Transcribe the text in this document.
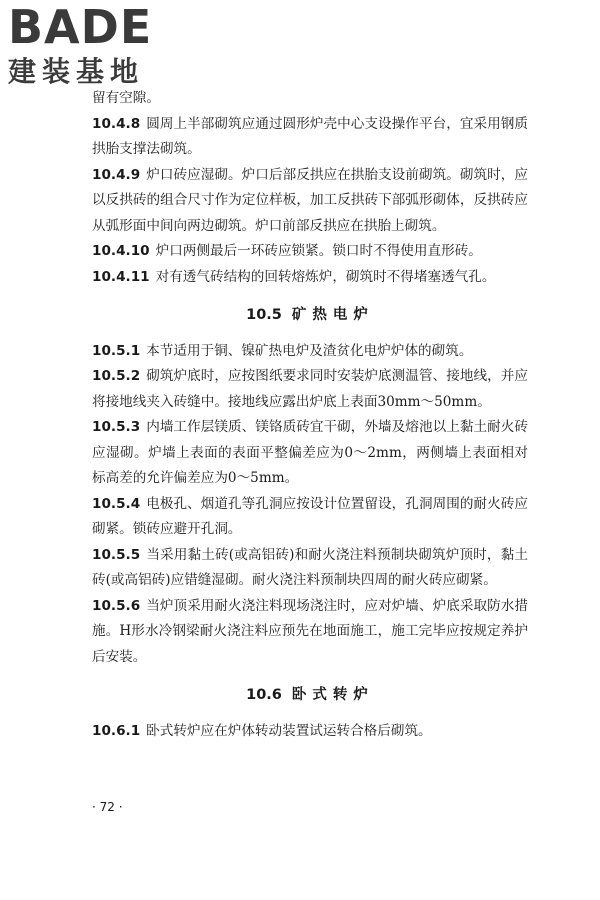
BADE
建装基地

留有空隙。

10.4.8 圆周上半部砌筑应通过圆形炉壳中心支设操作平台，宜采用钢质拱胎支撑法砌筑。

10.4.9 炉口砖应湿砌。炉口后部反拱应在拱胎支设前砌筑。砌筑时，应以反拱砖的组合尺寸作为定位样板，加工反拱砖下部弧形砌体，反拱砖应从弧形面中间向两边砌筑。炉口前部反拱应在拱胎上砌筑。

10.4.10 炉口两侧最后一环砖应锁紧。锁口时不得使用直形砖。

10.4.11 对有透气砖结构的回转熔炼炉，砌筑时不得堵塞透气孔。

10.5 矿热电炉

10.5.1 本节适用于铜、镍矿热电炉及渣贫化电炉炉体的砌筑。

10.5.2 砌筑炉底时，应按图纸要求同时安装炉底测温管、接地线，并应将接地线夹入砖缝中。接地线应露出炉底上表面30mm～50mm。

10.5.3 内墙工作层镁质、镁铬质砖宜干砌，外墙及熔池以上黏土耐火砖应湿砌。炉墙上表面的表面平整偏差应为0～2mm，两侧墙上表面相对标高差的允许偏差应为0～5mm。

10.5.4 电极孔、烟道孔等孔洞应按设计位置留设，孔洞周围的耐火砖应砌紧。锁砖应避开孔洞。

10.5.5 当采用黏土砖(或高铝砖)和耐火浇注料预制块砌筑炉顶时，黏土砖(或高铝砖)应错缝湿砌。耐火浇注料预制块四周的耐火砖应砌紧。

10.5.6 当炉顶采用耐火浇注料现场浇注时，应对炉墙、炉底采取防水措施。H形水冷钢梁耐火浇注料应预先在地面施工，施工完毕应按规定养护后安装。

10.6 卧式转炉

10.6.1 卧式转炉应在炉体转动装置试运转合格后砌筑。

· 72 ·
